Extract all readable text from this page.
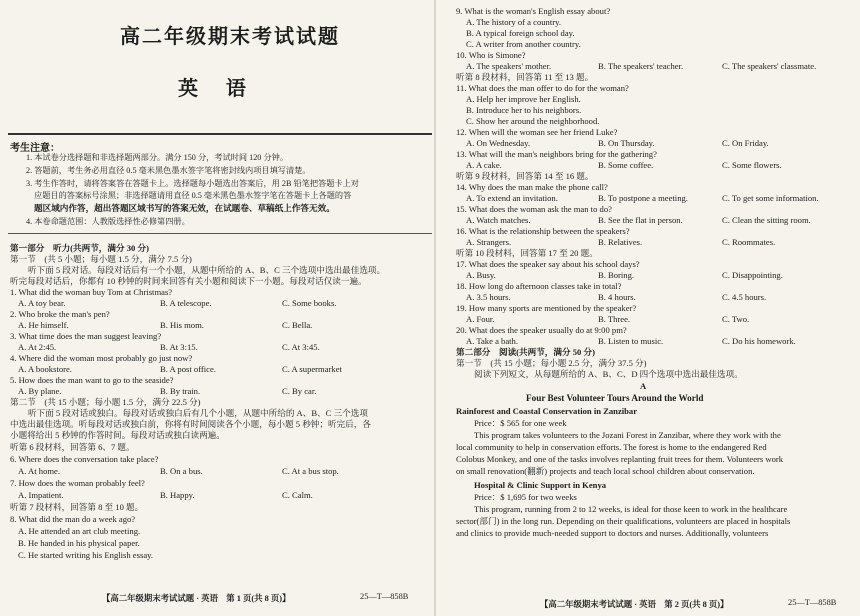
高二年级期末考试试题
英    语
考生注意：
1. 本试卷分选择题和非选择题两部分。满分 150 分，考试时间 120 分钟。
2. 答题前，考生务必用直径 0.5 毫米黑色墨水签字笔将密封线内项目填写清楚。
3. 考生作答时，请将答案答在答题卡上。选择题每小题选出答案后，用 2B 铅笔把答题卡上对
应题目的答案标号涂黑；非选择题请用直径 0.5 毫米黑色墨水签字笔在答题卡上各题的答
题区域内作答，超出答题区域书写的答案无效，在试题卷、草稿纸上作答无效。
4. 本卷命题范围：人教版选择性必修第四册。
第一部分　听力(共两节，满分 30 分)
第一节　(共 5 小题；每小题 1.5 分，满分 7.5 分)
听下面 5 段对话。每段对话后有一个小题，从题中所给的 A、B、C 三个选项中选出最佳选项。
听完每段对话后，你都有 10 秒钟的时间来回答有关小题和阅读下一小题。每段对话仅读一遍。
1. What did the woman buy Tom at Christmas?
A. A toy bear.	B. A telescope.	C. Some books.
2. Who broke the man's pen?
A. He himself.	B. His mom.	C. Bella.
3. What time does the man suggest leaving?
A. At 2:45.	B. At 3:15.	C. At 3:45.
4. Where did the woman most probably go just now?
A. A bookstore.	B. A post office.	C. A supermarket
5. How does the man want to go to the seaside?
A. By plane.	B. By train.	C. By car.
第二节　(共 15 小题；每小题 1.5 分，满分 22.5 分)
听下面 5 段对话或独白。每段对话或独白后有几个小题，从题中所给的 A、B、C 三个选项
中选出最佳选项。听每段对话或独白前，你将有时间阅读各个小题，每小题 5 秒钟；听完后，各
小题将给出 5 秒钟的作答时间。每段对话或独白读两遍。
听第 6 段材料，回答第 6、7 题。
6. Where does the conversation take place?
A. At home.	B. On a bus.	C. At a bus stop.
7. How does the woman probably feel?
A. Impatient.	B. Happy.	C. Calm.
听第 7 段材料，回答第 8 至 10 题。
8. What did the man do a week ago?
A. He attended an art club meeting.
B. He handed in his physical paper.
C. He started writing his English essay.
【高二年级期末考试试题 · 英语　第 1 页(共 8 页)】	25—T—858B
9. What is the woman's English essay about?
A. The history of a country.
B. A typical foreign school day.
C. A writer from another country.
10. Who is Simone?
A. The speakers' mother.	B. The speakers' teacher.	C. The speakers' classmate.
听第 8 段材料，回答第 11 至 13 题。
11. What does the man offer to do for the woman?
A. Help her improve her English.
B. Introduce her to his neighbors.
C. Show her around the neighborhood.
12. When will the woman see her friend Luke?
A. On Wednesday.	B. On Thursday.	C. On Friday.
13. What will the man's neighbors bring for the gathering?
A. A cake.	B. Some coffee.	C. Some flowers.
听第 9 段材料，回答第 14 至 16 题。
14. Why does the man make the phone call?
A. To extend an invitation.	B. To postpone a meeting.	C. To get some information.
15. What does the woman ask the man to do?
A. Watch matches.	B. See the flat in person.	C. Clean the sitting room.
16. What is the relationship between the speakers?
A. Strangers.	B. Relatives.	C. Roommates.
听第 10 段材料，回答第 17 至 20 题。
17. What does the speaker say about his school days?
A. Busy.	B. Boring.	C. Disappointing.
18. How long do afternoon classes take in total?
A. 3.5 hours.	B. 4 hours.	C. 4.5 hours.
19. How many sports are mentioned by the speaker?
A. Four.	B. Three.	C. Two.
20. What does the speaker usually do at 9:00 pm?
A. Take a bath.	B. Listen to music.	C. Do his homework.
第二部分　阅读(共两节，满分 50 分)
第一节　(共 15 小题；每小题 2.5 分，满分 37.5 分)
阅读下列短文，从每题所给的 A、B、C、D 四个选项中选出最佳选项。
A
Four Best Volunteer Tours Around the World
Rainforest and Coastal Conservation in Zanzibar
Price：$ 565 for one week
This program takes volunteers to the Jozani Forest in Zanzibar, where they work with the
local community to help in conservation efforts. The forest is home to the endangered Red
Colobus Monkey, and one of the tasks involves replanting fruit trees for them. Volunteers work
on small renovation(翻新) projects and teach local school children about conservation.
Hospital & Clinic Support in Kenya
Price：$ 1,695 for two weeks
This program, running from 2 to 12 weeks, is ideal for those keen to work in the healthcare
sector(部门) in the long run. Depending on their qualifications, volunteers are placed in hospitals
and clinics to provide much-needed support to doctors and nurses. Additionally, volunteers
【高二年级期末考试试题 · 英语　第 2 页(共 8 页)】	25—T—858B
